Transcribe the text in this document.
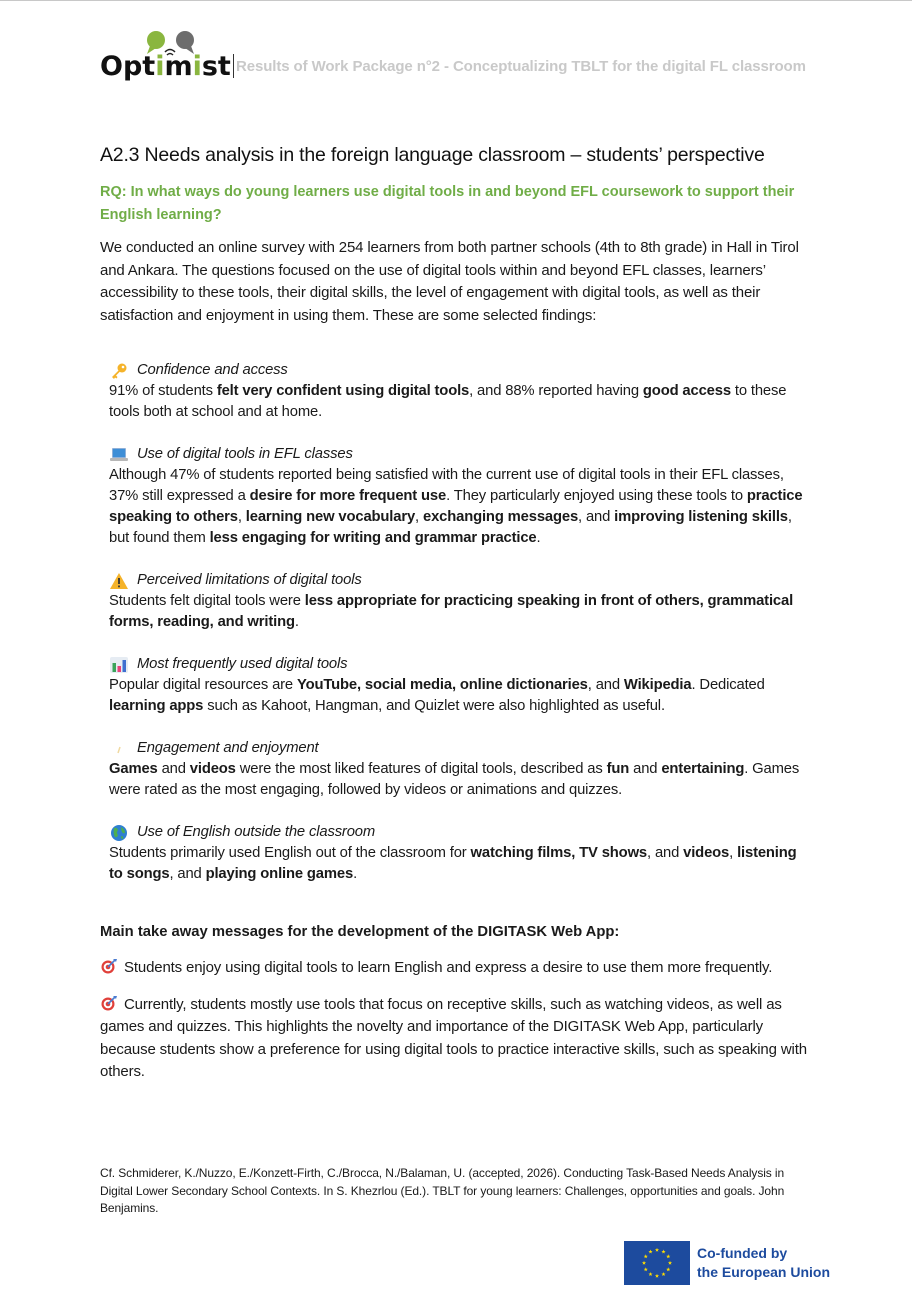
Optimist Results of Work Package n°2 - Conceptualizing TBLT for the digital FL classroom
A2.3 Needs analysis in the foreign language classroom – students’ perspective

RQ: In what ways do young learners use digital tools in and beyond EFL coursework to support their English learning?

We conducted an online survey with 254 learners from both partner schools (4th to 8th grade) in Hall in Tirol and Ankara. The questions focused on the use of digital tools within and beyond EFL classes, learners’ accessibility to these tools, their digital skills, the level of engagement with digital tools, as well as their satisfaction and enjoyment in using them. These are some selected findings:

Confidence and access
91% of students felt very confident using digital tools, and 88% reported having good access to these tools both at school and at home.
Use of digital tools in EFL classes
Although 47% of students reported being satisfied with the current use of digital tools in their EFL classes, 37% still expressed a desire for more frequent use. They particularly enjoyed using these tools to practice speaking to others, learning new vocabulary, exchanging messages, and improving listening skills, but found them less engaging for writing and grammar practice.
Perceived limitations of digital tools
Students felt digital tools were less appropriate for practicing speaking in front of others, grammatical forms, reading, and writing.
Most frequently used digital tools
Popular digital resources are YouTube, social media, online dictionaries, and Wikipedia. Dedicated learning apps such as Kahoot, Hangman, and Quizlet were also highlighted as useful.
Engagement and enjoyment
Games and videos were the most liked features of digital tools, described as fun and entertaining. Games were rated as the most engaging, followed by videos or animations and quizzes.
Use of English outside the classroom
Students primarily used English out of the classroom for watching films, TV shows, and videos, listening to songs, and playing online games.
Main take away messages for the development of the DIGITASK Web App:
Students enjoy using digital tools to learn English and express a desire to use them more frequently.
Currently, students mostly use tools that focus on receptive skills, such as watching videos, as well as games and quizzes. This highlights the novelty and importance of the DIGITASK Web App, particularly because students show a preference for using digital tools to practice interactive skills, such as speaking with others.
Cf. Schmiderer, K./Nuzzo, E./Konzett-Firth, C./Brocca, N./Balaman, U. (accepted, 2026). Conducting Task-Based Needs Analysis in Digital Lower Secondary School Contexts. In S. Khezrlou (Ed.). TBLT for young learners: Challenges, opportunities and goals. John Benjamins.
Co-funded by
the European Union
